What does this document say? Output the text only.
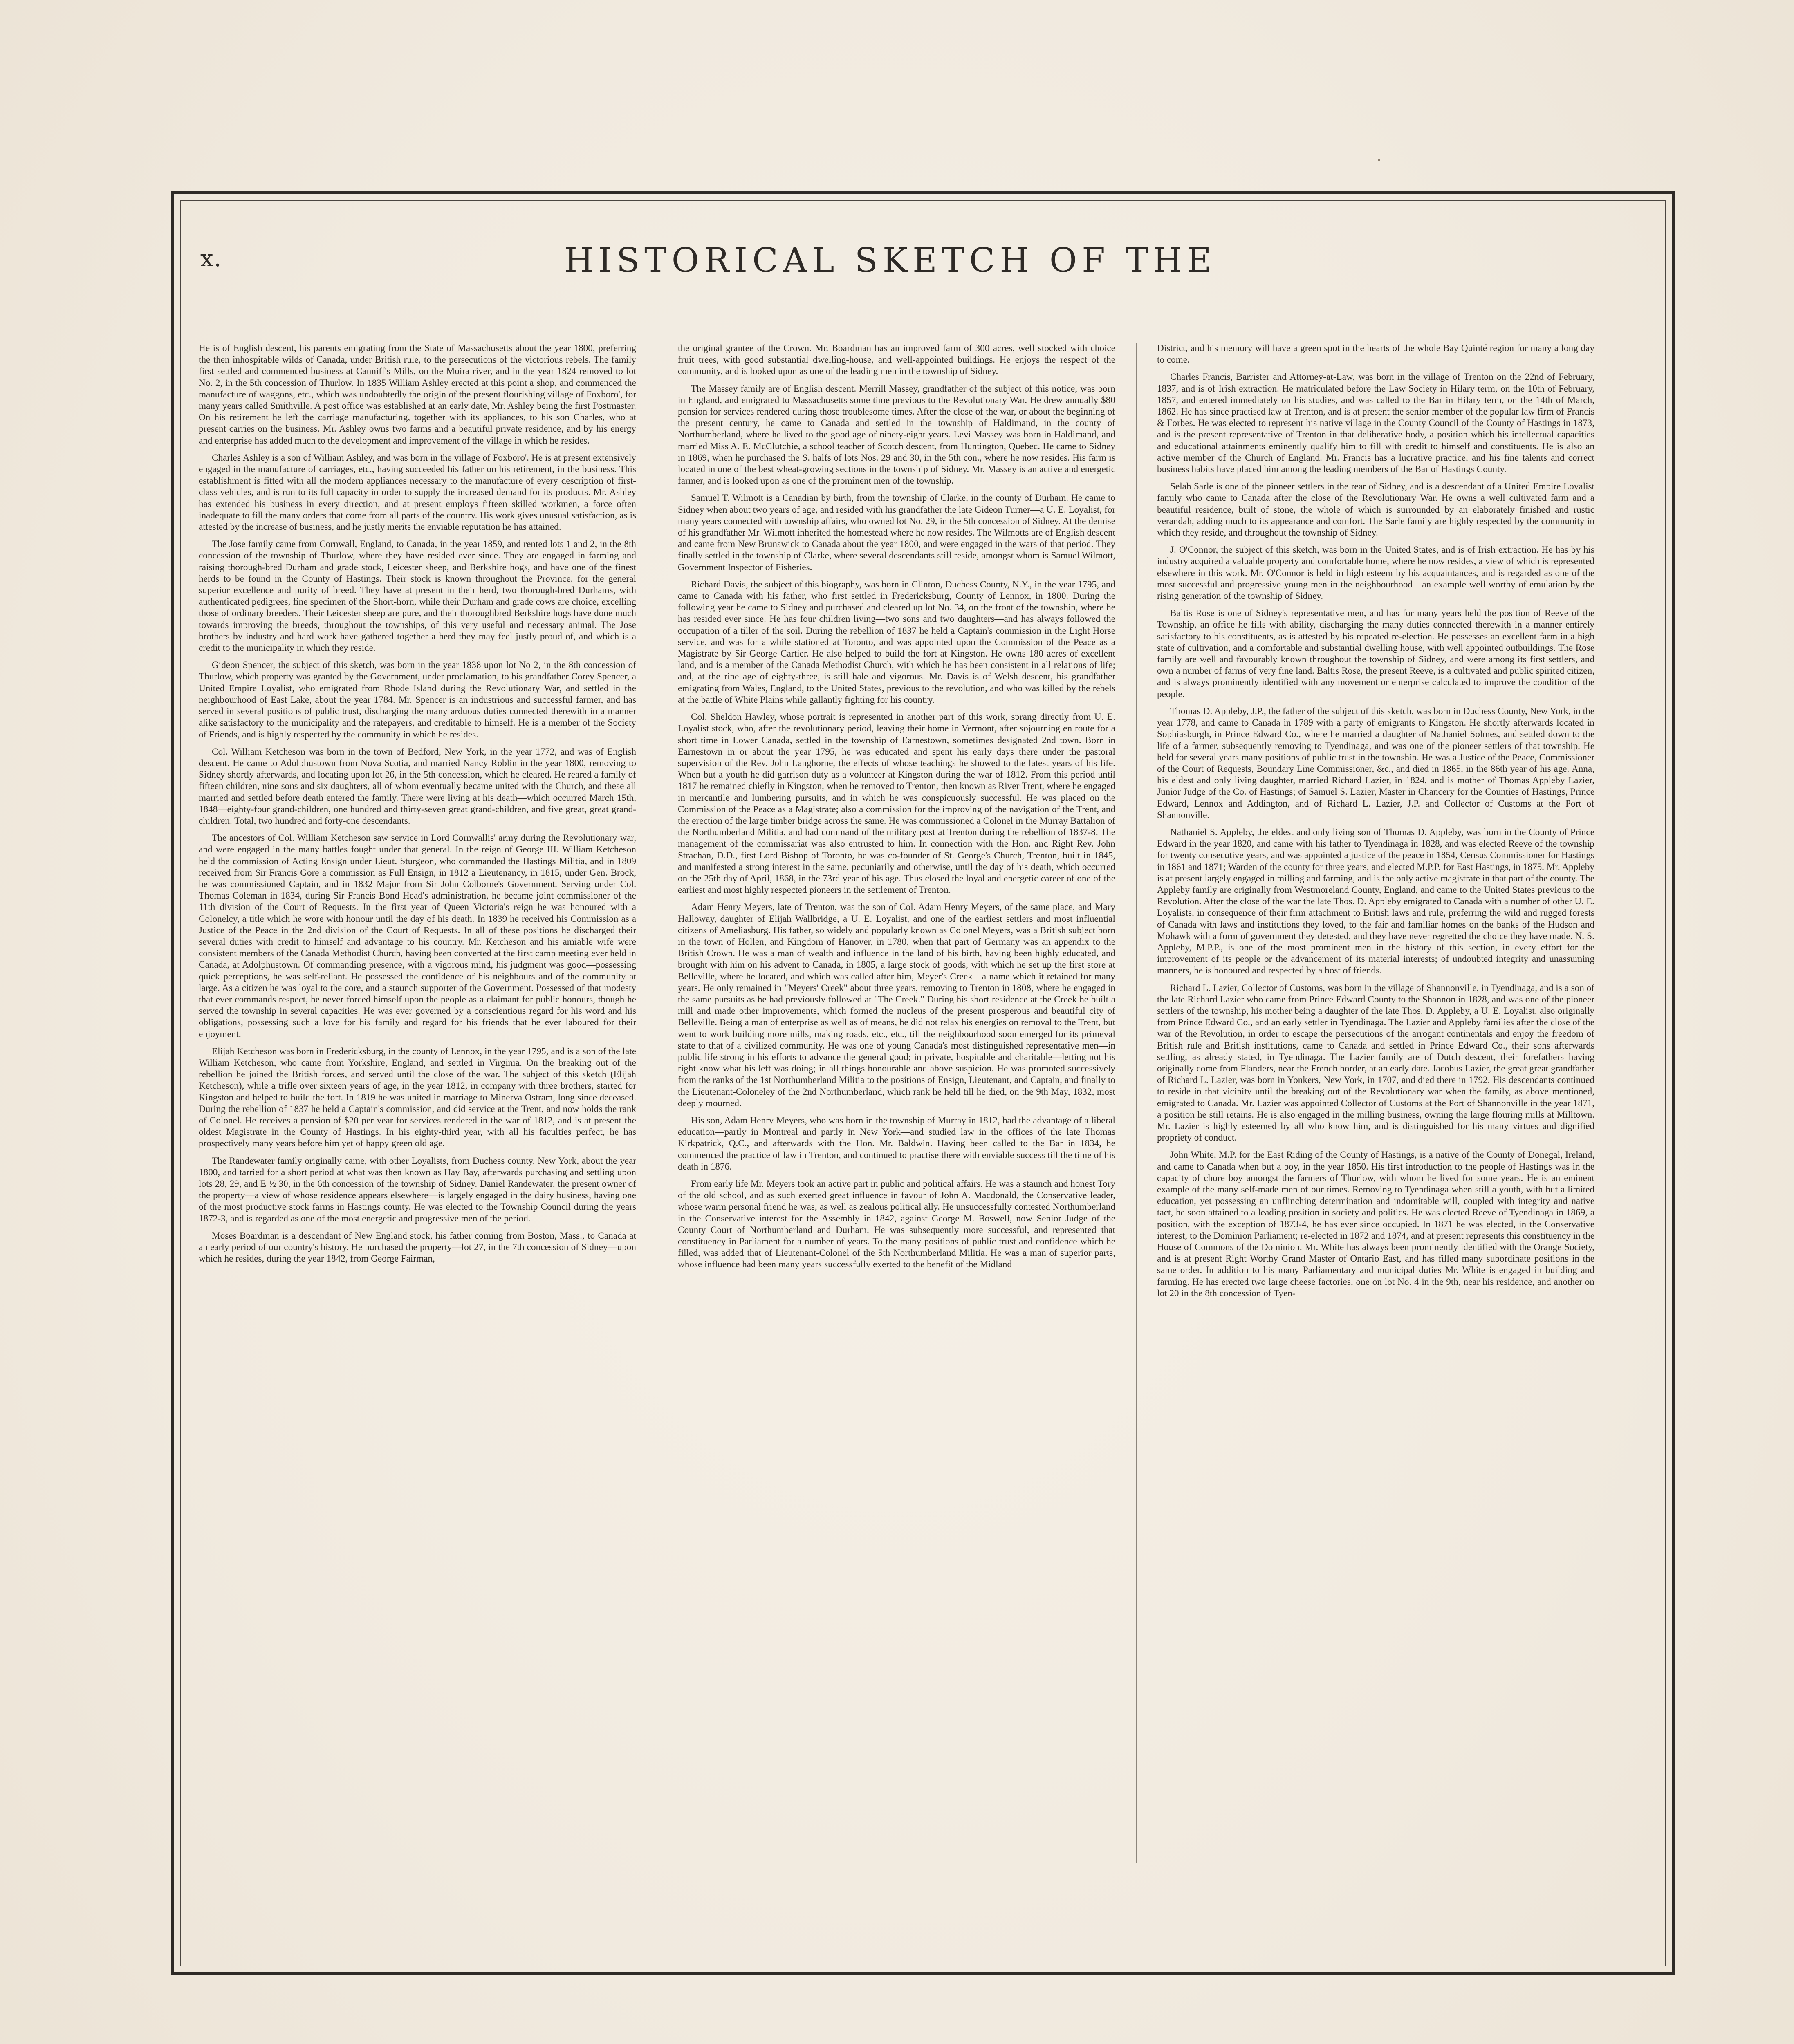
x.	HISTORICAL SKETCH OF THE

He is of English descent, his parents emigrating from the State of Massachusetts about the year 1800, preferring the then inhospitable wilds of Canada, under British rule, to the persecutions of the victorious rebels. The family first settled and commenced business at Canniff's Mills, on the Moira river, and in the year 1824 removed to lot No. 2, in the 5th concession of Thurlow. In 1835 William Ashley erected at this point a shop, and commenced the manufacture of waggons, etc., which was undoubtedly the origin of the present flourishing village of Foxboro', for many years called Smithville. A post office was established at an early date, Mr. Ashley being the first Postmaster. On his retirement he left the carriage manufacturing, together with its appliances, to his son Charles, who at present carries on the business. Mr. Ashley owns two farms and a beautiful private residence, and by his energy and enterprise has added much to the development and improvement of the village in which he resides.

Charles Ashley is a son of William Ashley, and was born in the village of Foxboro'. He is at present extensively engaged in the manufacture of carriages, etc., having succeeded his father on his retirement, in the business. This establishment is fitted with all the modern appliances necessary to the manufacture of every description of first-class vehicles, and is run to its full capacity in order to supply the increased demand for its products. Mr. Ashley has extended his business in every direction, and at present employs fifteen skilled workmen, a force often inadequate to fill the many orders that come from all parts of the country. His work gives unusual satisfaction, as is attested by the increase of business, and he justly merits the enviable reputation he has attained.

The Jose family came from Cornwall, England, to Canada, in the year 1859, and rented lots 1 and 2, in the 8th concession of the township of Thurlow, where they have resided ever since. They are engaged in farming and raising thorough-bred Durham and grade stock, Leicester sheep, and Berkshire hogs, and have one of the finest herds to be found in the County of Hastings. Their stock is known throughout the Province, for the general superior excellence and purity of breed. They have at present in their herd, two thorough-bred Durhams, with authenticated pedigrees, fine specimen of the Short-horn, while their Durham and grade cows are choice, excelling those of ordinary breeders. Their Leicester sheep are pure, and their thoroughbred Berkshire hogs have done much towards improving the breeds, throughout the townships, of this very useful and necessary animal. The Jose brothers by industry and hard work have gathered together a herd they may feel justly proud of, and which is a credit to the municipality in which they reside.

Gideon Spencer, the subject of this sketch, was born in the year 1838 upon lot No 2, in the 8th concession of Thurlow, which property was granted by the Government, under proclamation, to his grandfather Corey Spencer, a United Empire Loyalist, who emigrated from Rhode Island during the Revolutionary War, and settled in the neighbourhood of East Lake, about the year 1784. Mr. Spencer is an industrious and successful farmer, and has served in several positions of public trust, discharging the many arduous duties connected therewith in a manner alike satisfactory to the municipality and the ratepayers, and creditable to himself. He is a member of the Society of Friends, and is highly respected by the community in which he resides.

Col. William Ketcheson was born in the town of Bedford, New York, in the year 1772, and was of English descent. He came to Adolphustown from Nova Scotia, and married Nancy Roblin in the year 1800, removing to Sidney shortly afterwards, and locating upon lot 26, in the 5th concession, which he cleared. He reared a family of fifteen children, nine sons and six daughters, all of whom eventually became united with the Church, and these all married and settled before death entered the family. There were living at his death—which occurred March 15th, 1848—eighty-four grand-children, one hundred and thirty-seven great grand-children, and five great, great grand-children. Total, two hundred and forty-one descendants.

The ancestors of Col. William Ketcheson saw service in Lord Cornwallis' army during the Revolutionary war, and were engaged in the many battles fought under that general. In the reign of George III. William Ketcheson held the commission of Acting Ensign under Lieut. Sturgeon, who commanded the Hastings Militia, and in 1809 received from Sir Francis Gore a commission as Full Ensign, in 1812 a Lieutenancy, in 1815, under Gen. Brock, he was commissioned Captain, and in 1832 Major from Sir John Colborne's Government. Serving under Col. Thomas Coleman in 1834, during Sir Francis Bond Head's administration, he became joint commissioner of the 11th division of the Court of Requests. In the first year of Queen Victoria's reign he was honoured with a Colonelcy, a title which he wore with honour until the day of his death. In 1839 he received his Commission as a Justice of the Peace in the 2nd division of the Court of Requests. In all of these positions he discharged their several duties with credit to himself and advantage to his country. Mr. Ketcheson and his amiable wife were consistent members of the Canada Methodist Church, having been converted at the first camp meeting ever held in Canada, at Adolphustown. Of commanding presence, with a vigorous mind, his judgment was good—possessing quick perceptions, he was self-reliant. He possessed the confidence of his neighbours and of the community at large. As a citizen he was loyal to the core, and a staunch supporter of the Government. Possessed of that modesty that ever commands respect, he never forced himself upon the people as a claimant for public honours, though he served the township in several capacities. He was ever governed by a conscientious regard for his word and his obligations, possessing such a love for his family and regard for his friends that he ever laboured for their enjoyment.

Elijah Ketcheson was born in Fredericksburg, in the county of Lennox, in the year 1795, and is a son of the late William Ketcheson, who came from Yorkshire, England, and settled in Virginia. On the breaking out of the rebellion he joined the British forces, and served until the close of the war. The subject of this sketch (Elijah Ketcheson), while a trifle over sixteen years of age, in the year 1812, in company with three brothers, started for Kingston and helped to build the fort. In 1819 he was united in marriage to Minerva Ostram, long since deceased. During the rebellion of 1837 he held a Captain's commission, and did service at the Trent, and now holds the rank of Colonel. He receives a pension of $20 per year for services rendered in the war of 1812, and is at present the oldest Magistrate in the County of Hastings. In his eighty-third year, with all his faculties perfect, he has prospectively many years before him yet of happy green old age.

The Randewater family originally came, with other Loyalists, from Duchess county, New York, about the year 1800, and tarried for a short period at what was then known as Hay Bay, afterwards purchasing and settling upon lots 28, 29, and E ½ 30, in the 6th concession of the township of Sidney. Daniel Randewater, the present owner of the property—a view of whose residence appears elsewhere—is largely engaged in the dairy business, having one of the most productive stock farms in Hastings county. He was elected to the Township Council during the years 1872-3, and is regarded as one of the most energetic and progressive men of the period.

Moses Boardman is a descendant of New England stock, his father coming from Boston, Mass., to Canada at an early period of our country's history. He purchased the property—lot 27, in the 7th concession of Sidney—upon which he resides, during the year 1842, from George Fairman,

the original grantee of the Crown. Mr. Boardman has an improved farm of 300 acres, well stocked with choice fruit trees, with good substantial dwelling-house, and well-appointed buildings. He enjoys the respect of the community, and is looked upon as one of the leading men in the township of Sidney.

The Massey family are of English descent. Merrill Massey, grandfather of the subject of this notice, was born in England, and emigrated to Massachusetts some time previous to the Revolutionary War. He drew annually $80 pension for services rendered during those troublesome times. After the close of the war, or about the beginning of the present century, he came to Canada and settled in the township of Haldimand, in the county of Northumberland, where he lived to the good age of ninety-eight years. Levi Massey was born in Haldimand, and married Miss A. E. McClutchie, a school teacher of Scotch descent, from Huntington, Quebec. He came to Sidney in 1869, when he purchased the S. halfs of lots Nos. 29 and 30, in the 5th con., where he now resides. His farm is located in one of the best wheat-growing sections in the township of Sidney. Mr. Massey is an active and energetic farmer, and is looked upon as one of the prominent men of the township.

Samuel T. Wilmott is a Canadian by birth, from the township of Clarke, in the county of Durham. He came to Sidney when about two years of age, and resided with his grandfather the late Gideon Turner—a U. E. Loyalist, for many years connected with township affairs, who owned lot No. 29, in the 5th concession of Sidney. At the demise of his grandfather Mr. Wilmott inherited the homestead where he now resides. The Wilmotts are of English descent and came from New Brunswick to Canada about the year 1800, and were engaged in the wars of that period. They finally settled in the township of Clarke, where several descendants still reside, amongst whom is Samuel Wilmott, Government Inspector of Fisheries.

Richard Davis, the subject of this biography, was born in Clinton, Duchess County, N.Y., in the year 1795, and came to Canada with his father, who first settled in Fredericksburg, County of Lennox, in 1800. During the following year he came to Sidney and purchased and cleared up lot No. 34, on the front of the township, where he has resided ever since. He has four children living—two sons and two daughters—and has always followed the occupation of a tiller of the soil. During the rebellion of 1837 he held a Captain's commission in the Light Horse service, and was for a while stationed at Toronto, and was appointed upon the Commission of the Peace as a Magistrate by Sir George Cartier. He also helped to build the fort at Kingston. He owns 180 acres of excellent land, and is a member of the Canada Methodist Church, with which he has been consistent in all relations of life; and, at the ripe age of eighty-three, is still hale and vigorous. Mr. Davis is of Welsh descent, his grandfather emigrating from Wales, England, to the United States, previous to the revolution, and who was killed by the rebels at the battle of White Plains while gallantly fighting for his country.

Col. Sheldon Hawley, whose portrait is represented in another part of this work, sprang directly from U. E. Loyalist stock, who, after the revolutionary period, leaving their home in Vermont, after sojourning en route for a short time in Lower Canada, settled in the township of Earnestown, sometimes designated 2nd town. Born in Earnestown in or about the year 1795, he was educated and spent his early days there under the pastoral supervision of the Rev. John Langhorne, the effects of whose teachings he showed to the latest years of his life. When but a youth he did garrison duty as a volunteer at Kingston during the war of 1812. From this period until 1817 he remained chiefly in Kingston, when he removed to Trenton, then known as River Trent, where he engaged in mercantile and lumbering pursuits, and in which he was conspicuously successful. He was placed on the Commission of the Peace as a Magistrate; also a commission for the improving of the navigation of the Trent, and the erection of the large timber bridge across the same. He was commissioned a Colonel in the Murray Battalion of the Northumberland Militia, and had command of the military post at Trenton during the rebellion of 1837-8. The management of the commissariat was also entrusted to him. In connection with the Hon. and Right Rev. John Strachan, D.D., first Lord Bishop of Toronto, he was co-founder of St. George's Church, Trenton, built in 1845, and manifested a strong interest in the same, pecuniarily and otherwise, until the day of his death, which occurred on the 25th day of April, 1868, in the 73rd year of his age. Thus closed the loyal and energetic career of one of the earliest and most highly respected pioneers in the settlement of Trenton.

Adam Henry Meyers, late of Trenton, was the son of Col. Adam Henry Meyers, of the same place, and Mary Halloway, daughter of Elijah Wallbridge, a U. E. Loyalist, and one of the earliest settlers and most influential citizens of Ameliasburg. His father, so widely and popularly known as Colonel Meyers, was a British subject born in the town of Hollen, and Kingdom of Hanover, in 1780, when that part of Germany was an appendix to the British Crown. He was a man of wealth and influence in the land of his birth, having been highly educated, and brought with him on his advent to Canada, in 1805, a large stock of goods, with which he set up the first store at Belleville, where he located, and which was called after him, Meyer's Creek—a name which it retained for many years. He only remained in "Meyers' Creek" about three years, removing to Trenton in 1808, where he engaged in the same pursuits as he had previously followed at "The Creek." During his short residence at the Creek he built a mill and made other improvements, which formed the nucleus of the present prosperous and beautiful city of Belleville. Being a man of enterprise as well as of means, he did not relax his energies on removal to the Trent, but went to work building more mills, making roads, etc., etc., till the neighbourhood soon emerged for its primeval state to that of a civilized community. He was one of young Canada's most distinguished representative men—in public life strong in his efforts to advance the general good; in private, hospitable and charitable—letting not his right know what his left was doing; in all things honourable and above suspicion. He was promoted successively from the ranks of the 1st Northumberland Militia to the positions of Ensign, Lieutenant, and Captain, and finally to the Lieutenant-Coloneley of the 2nd Northumberland, which rank he held till he died, on the 9th May, 1832, most deeply mourned.

His son, Adam Henry Meyers, who was born in the township of Murray in 1812, had the advantage of a liberal education—partly in Montreal and partly in New York—and studied law in the offices of the late Thomas Kirkpatrick, Q.C., and afterwards with the Hon. Mr. Baldwin. Having been called to the Bar in 1834, he commenced the practice of law in Trenton, and continued to practise there with enviable success till the time of his death in 1876.

From early life Mr. Meyers took an active part in public and political affairs. He was a staunch and honest Tory of the old school, and as such exerted great influence in favour of John A. Macdonald, the Conservative leader, whose warm personal friend he was, as well as zealous political ally. He unsuccessfully contested Northumberland in the Conservative interest for the Assembly in 1842, against George M. Boswell, now Senior Judge of the County Court of Northumberland and Durham. He was subsequently more successful, and represented that constituency in Parliament for a number of years. To the many positions of public trust and confidence which he filled, was added that of Lieutenant-Colonel of the 5th Northumberland Militia. He was a man of superior parts, whose influence had been many years successfully exerted to the benefit of the Midland

District, and his memory will have a green spot in the hearts of the whole Bay Quinté region for many a long day to come.

Charles Francis, Barrister and Attorney-at-Law, was born in the village of Trenton on the 22nd of February, 1837, and is of Irish extraction. He matriculated before the Law Society in Hilary term, on the 10th of February, 1857, and entered immediately on his studies, and was called to the Bar in Hilary term, on the 14th of March, 1862. He has since practised law at Trenton, and is at present the senior member of the popular law firm of Francis & Forbes. He was elected to represent his native village in the County Council of the County of Hastings in 1873, and is the present representative of Trenton in that deliberative body, a position which his intellectual capacities and educational attainments eminently qualify him to fill with credit to himself and constituents. He is also an active member of the Church of England. Mr. Francis has a lucrative practice, and his fine talents and correct business habits have placed him among the leading members of the Bar of Hastings County.

Selah Sarle is one of the pioneer settlers in the rear of Sidney, and is a descendant of a United Empire Loyalist family who came to Canada after the close of the Revolutionary War. He owns a well cultivated farm and a beautiful residence, built of stone, the whole of which is surrounded by an elaborately finished and rustic verandah, adding much to its appearance and comfort. The Sarle family are highly respected by the community in which they reside, and throughout the township of Sidney.

J. O'Connor, the subject of this sketch, was born in the United States, and is of Irish extraction. He has by his industry acquired a valuable property and comfortable home, where he now resides, a view of which is represented elsewhere in this work. Mr. O'Connor is held in high esteem by his acquaintances, and is regarded as one of the most successful and progressive young men in the neighbourhood—an example well worthy of emulation by the rising generation of the township of Sidney.

Baltis Rose is one of Sidney's representative men, and has for many years held the position of Reeve of the Township, an office he fills with ability, discharging the many duties connected therewith in a manner entirely satisfactory to his constituents, as is attested by his repeated re-election. He possesses an excellent farm in a high state of cultivation, and a comfortable and substantial dwelling house, with well appointed outbuildings. The Rose family are well and favourably known throughout the township of Sidney, and were among its first settlers, and own a number of farms of very fine land. Baltis Rose, the present Reeve, is a cultivated and public spirited citizen, and is always prominently identified with any movement or enterprise calculated to improve the condition of the people.

Thomas D. Appleby, J.P., the father of the subject of this sketch, was born in Duchess County, New York, in the year 1778, and came to Canada in 1789 with a party of emigrants to Kingston. He shortly afterwards located in Sophiasburgh, in Prince Edward Co., where he married a daughter of Nathaniel Solmes, and settled down to the life of a farmer, subsequently removing to Tyendinaga, and was one of the pioneer settlers of that township. He held for several years many positions of public trust in the township. He was a Justice of the Peace, Commissioner of the Court of Requests, Boundary Line Commissioner, &c., and died in 1865, in the 86th year of his age. Anna, his eldest and only living daughter, married Richard Lazier, in 1824, and is mother of Thomas Appleby Lazier, Junior Judge of the Co. of Hastings; of Samuel S. Lazier, Master in Chancery for the Counties of Hastings, Prince Edward, Lennox and Addington, and of Richard L. Lazier, J.P. and Collector of Customs at the Port of Shannonville.

Nathaniel S. Appleby, the eldest and only living son of Thomas D. Appleby, was born in the County of Prince Edward in the year 1820, and came with his father to Tyendinaga in 1828, and was elected Reeve of the township for twenty consecutive years, and was appointed a justice of the peace in 1854, Census Commissioner for Hastings in 1861 and 1871; Warden of the county for three years, and elected M.P.P. for East Hastings, in 1875. Mr. Appleby is at present largely engaged in milling and farming, and is the only active magistrate in that part of the county. The Appleby family are originally from Westmoreland County, England, and came to the United States previous to the Revolution. After the close of the war the late Thos. D. Appleby emigrated to Canada with a number of other U. E. Loyalists, in consequence of their firm attachment to British laws and rule, preferring the wild and rugged forests of Canada with laws and institutions they loved, to the fair and familiar homes on the banks of the Hudson and Mohawk with a form of government they detested, and they have never regretted the choice they have made. N. S. Appleby, M.P.P., is one of the most prominent men in the history of this section, in every effort for the improvement of its people or the advancement of its material interests; of undoubted integrity and unassuming manners, he is honoured and respected by a host of friends.

Richard L. Lazier, Collector of Customs, was born in the village of Shannonville, in Tyendinaga, and is a son of the late Richard Lazier who came from Prince Edward County to the Shannon in 1828, and was one of the pioneer settlers of the township, his mother being a daughter of the late Thos. D. Appleby, a U. E. Loyalist, also originally from Prince Edward Co., and an early settler in Tyendinaga. The Lazier and Appleby families after the close of the war of the Revolution, in order to escape the persecutions of the arrogant continentals and enjoy the freedom of British rule and British institutions, came to Canada and settled in Prince Edward Co., their sons afterwards settling, as already stated, in Tyendinaga. The Lazier family are of Dutch descent, their forefathers having originally come from Flanders, near the French border, at an early date. Jacobus Lazier, the great great grandfather of Richard L. Lazier, was born in Yonkers, New York, in 1707, and died there in 1792. His descendants continued to reside in that vicinity until the breaking out of the Revolutionary war when the family, as above mentioned, emigrated to Canada. Mr. Lazier was appointed Collector of Customs at the Port of Shannonville in the year 1871, a position he still retains. He is also engaged in the milling business, owning the large flouring mills at Milltown. Mr. Lazier is highly esteemed by all who know him, and is distinguished for his many virtues and dignified propriety of conduct.

John White, M.P. for the East Riding of the County of Hastings, is a native of the County of Donegal, Ireland, and came to Canada when but a boy, in the year 1850. His first introduction to the people of Hastings was in the capacity of chore boy amongst the farmers of Thurlow, with whom he lived for some years. He is an eminent example of the many self-made men of our times. Removing to Tyendinaga when still a youth, with but a limited education, yet possessing an unflinching determination and indomitable will, coupled with integrity and native tact, he soon attained to a leading position in society and politics. He was elected Reeve of Tyendinaga in 1869, a position, with the exception of 1873-4, he has ever since occupied. In 1871 he was elected, in the Conservative interest, to the Dominion Parliament; re-elected in 1872 and 1874, and at present represents this constituency in the House of Commons of the Dominion. Mr. White has always been prominently identified with the Orange Society, and is at present Right Worthy Grand Master of Ontario East, and has filled many subordinate positions in the same order. In addition to his many Parliamentary and municipal duties Mr. White is engaged in building and farming. He has erected two large cheese factories, one on lot No. 4 in the 9th, near his residence, and another on lot 20 in the 8th concession of Tyen-
